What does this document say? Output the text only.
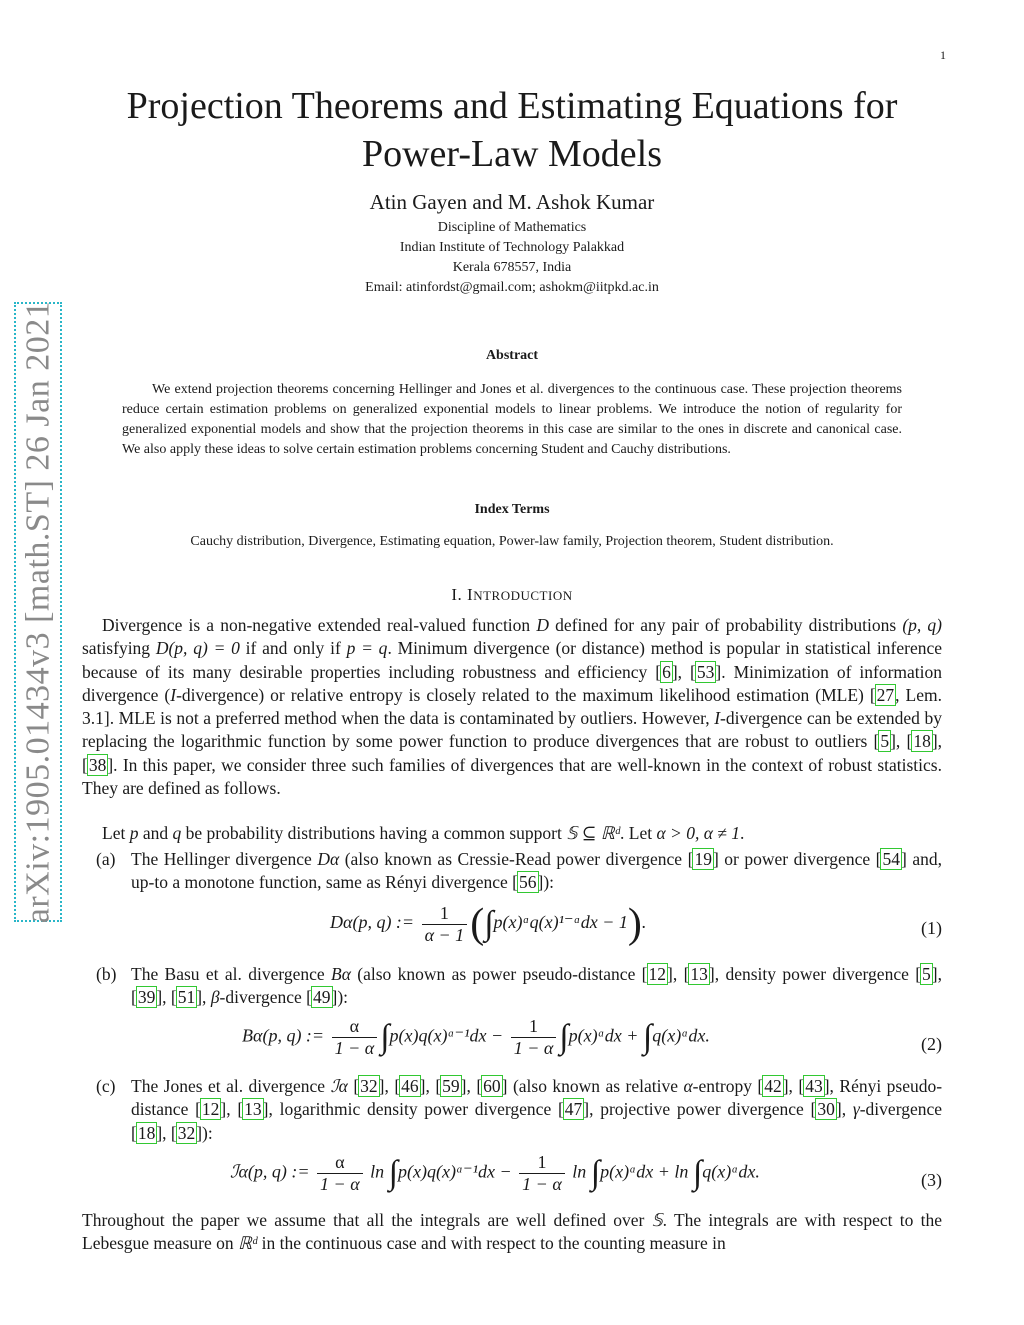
1
arXiv:1905.01434v3 [math.ST] 26 Jan 2021
Projection Theorems and Estimating Equations for Power-Law Models
Atin Gayen and M. Ashok Kumar
Discipline of Mathematics
Indian Institute of Technology Palakkad
Kerala 678557, India
Email: atinfordst@gmail.com; ashokm@iitpkd.ac.in
Abstract
We extend projection theorems concerning Hellinger and Jones et al. divergences to the continuous case. These projection theorems reduce certain estimation problems on generalized exponential models to linear problems. We introduce the notion of regularity for generalized exponential models and show that the projection theorems in this case are similar to the ones in discrete and canonical case. We also apply these ideas to solve certain estimation problems concerning Student and Cauchy distributions.
Index Terms
Cauchy distribution, Divergence, Estimating equation, Power-law family, Projection theorem, Student distribution.
I. INTRODUCTION
Divergence is a non-negative extended real-valued function D defined for any pair of probability distributions (p, q) satisfying D(p, q) = 0 if and only if p = q. Minimum divergence (or distance) method is popular in statistical inference because of its many desirable properties including robustness and efficiency [6], [53]. Minimization of information divergence (I-divergence) or relative entropy is closely related to the maximum likelihood estimation (MLE) [27, Lem. 3.1]. MLE is not a preferred method when the data is contaminated by outliers. However, I-divergence can be extended by replacing the logarithmic function by some power function to produce divergences that are robust to outliers [5], [18], [38]. In this paper, we consider three such families of divergences that are well-known in the context of robust statistics. They are defined as follows.
Let p and q be probability distributions having a common support 𝕊 ⊆ ℝᵈ. Let α > 0, α ≠ 1.
(a) The Hellinger divergence Dα (also known as Cressie-Read power divergence [19] or power divergence [54] and, up-to a monotone function, same as Rényi divergence [56]):
Dα(p, q) := $\frac{1}{\alpha - 1}$ (∫p(x)ᵅq(x)¹⁻ᵅdx − 1).	(1)
(b) The Basu et al. divergence Bα (also known as power pseudo-distance [12], [13], density power divergence [5], [39], [51], β-divergence [49]):
Bα(p, q) := $\frac{\alpha}{1 - \alpha}$ ∫p(x)q(x)ᵅ⁻¹dx − $\frac{1}{1 - \alpha}$ ∫p(x)ᵅdx + ∫q(x)ᵅdx.	(2)
(c) The Jones et al. divergence ℐα [32], [46], [59], [60] (also known as relative α-entropy [42], [43], Rényi pseudo-distance [12], [13], logarithmic density power divergence [47], projective power divergence [30], γ-divergence [18], [32]):
ℐα(p, q) := $\frac{\alpha}{1 - \alpha}$ ln ∫p(x)q(x)ᵅ⁻¹dx − $\frac{1}{1 - \alpha}$ ln ∫p(x)ᵅdx + ln ∫q(x)ᵅdx.	(3)
Throughout the paper we assume that all the integrals are well defined over 𝕊. The integrals are with respect to the Lebesgue measure on ℝᵈ in the continuous case and with respect to the counting measure in
